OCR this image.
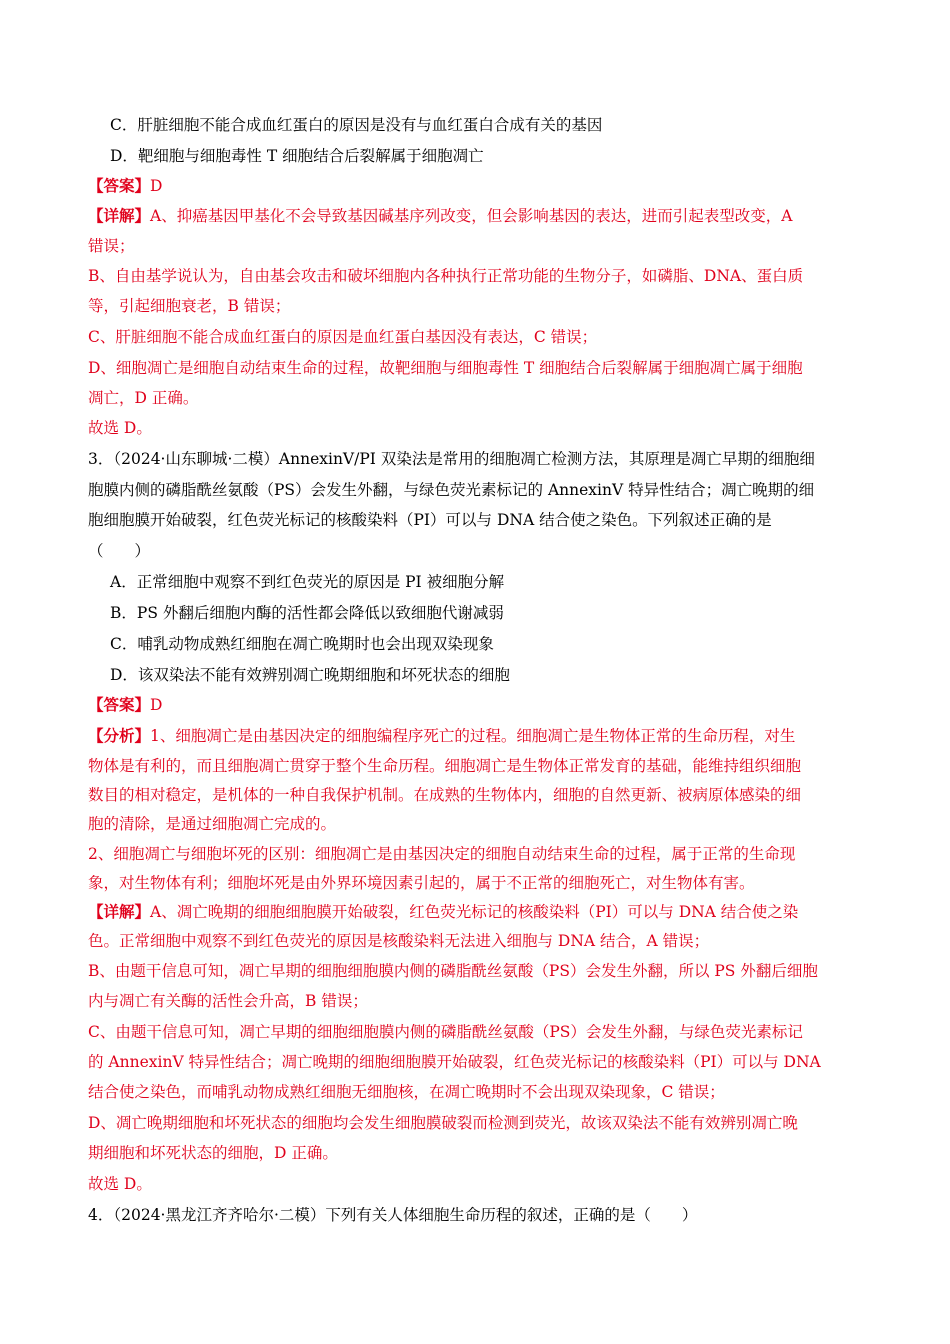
C．肝脏细胞不能合成血红蛋白的原因是没有与血红蛋白合成有关的基因
D．靶细胞与细胞毒性 T 细胞结合后裂解属于细胞凋亡
【答案】D
【详解】A、抑癌基因甲基化不会导致基因碱基序列改变，但会影响基因的表达，进而引起表型改变，A
错误；
B、自由基学说认为，自由基会攻击和破坏细胞内各种执行正常功能的生物分子，如磷脂、DNA、蛋白质
等，引起细胞衰老，B 错误；
C、肝脏细胞不能合成血红蛋白的原因是血红蛋白基因没有表达，C 错误；
D、细胞凋亡是细胞自动结束生命的过程，故靶细胞与细胞毒性 T 细胞结合后裂解属于细胞凋亡属于细胞
凋亡，D 正确。
故选 D。
3．（2024·山东聊城·二模）AnnexinV/PI 双染法是常用的细胞凋亡检测方法，其原理是凋亡早期的细胞细
胞膜内侧的磷脂酰丝氨酸（PS）会发生外翻，与绿色荧光素标记的 AnnexinV 特异性结合；凋亡晚期的细
胞细胞膜开始破裂，红色荧光标记的核酸染料（PI）可以与 DNA 结合使之染色。下列叙述正确的是
（　　）
A．正常细胞中观察不到红色荧光的原因是 PI 被细胞分解
B．PS 外翻后细胞内酶的活性都会降低以致细胞代谢减弱
C．哺乳动物成熟红细胞在凋亡晚期时也会出现双染现象
D．该双染法不能有效辨别凋亡晚期细胞和坏死状态的细胞
【答案】D
【分析】1、细胞凋亡是由基因决定的细胞编程序死亡的过程。细胞凋亡是生物体正常的生命历程，对生
物体是有利的，而且细胞凋亡贯穿于整个生命历程。细胞凋亡是生物体正常发育的基础，能维持组织细胞
数目的相对稳定，是机体的一种自我保护机制。在成熟的生物体内，细胞的自然更新、被病原体感染的细
胞的清除，是通过细胞凋亡完成的。
2、细胞凋亡与细胞坏死的区别：细胞凋亡是由基因决定的细胞自动结束生命的过程，属于正常的生命现
象，对生物体有利；细胞坏死是由外界环境因素引起的，属于不正常的细胞死亡，对生物体有害。
【详解】A、凋亡晚期的细胞细胞膜开始破裂，红色荧光标记的核酸染料（PI）可以与 DNA 结合使之染
色。正常细胞中观察不到红色荧光的原因是核酸染料无法进入细胞与 DNA 结合，A 错误；
B、由题干信息可知，凋亡早期的细胞细胞膜内侧的磷脂酰丝氨酸（PS）会发生外翻，所以 PS 外翻后细胞
内与凋亡有关酶的活性会升高，B 错误；
C、由题干信息可知，凋亡早期的细胞细胞膜内侧的磷脂酰丝氨酸（PS）会发生外翻，与绿色荧光素标记
的 AnnexinV 特异性结合；凋亡晚期的细胞细胞膜开始破裂，红色荧光标记的核酸染料（PI）可以与 DNA
结合使之染色，而哺乳动物成熟红细胞无细胞核，在凋亡晚期时不会出现双染现象，C 错误；
D、凋亡晚期细胞和坏死状态的细胞均会发生细胞膜破裂而检测到荧光，故该双染法不能有效辨别凋亡晚
期细胞和坏死状态的细胞，D 正确。
故选 D。
4．（2024·黑龙江齐齐哈尔·二模）下列有关人体细胞生命历程的叙述，正确的是（　　）
